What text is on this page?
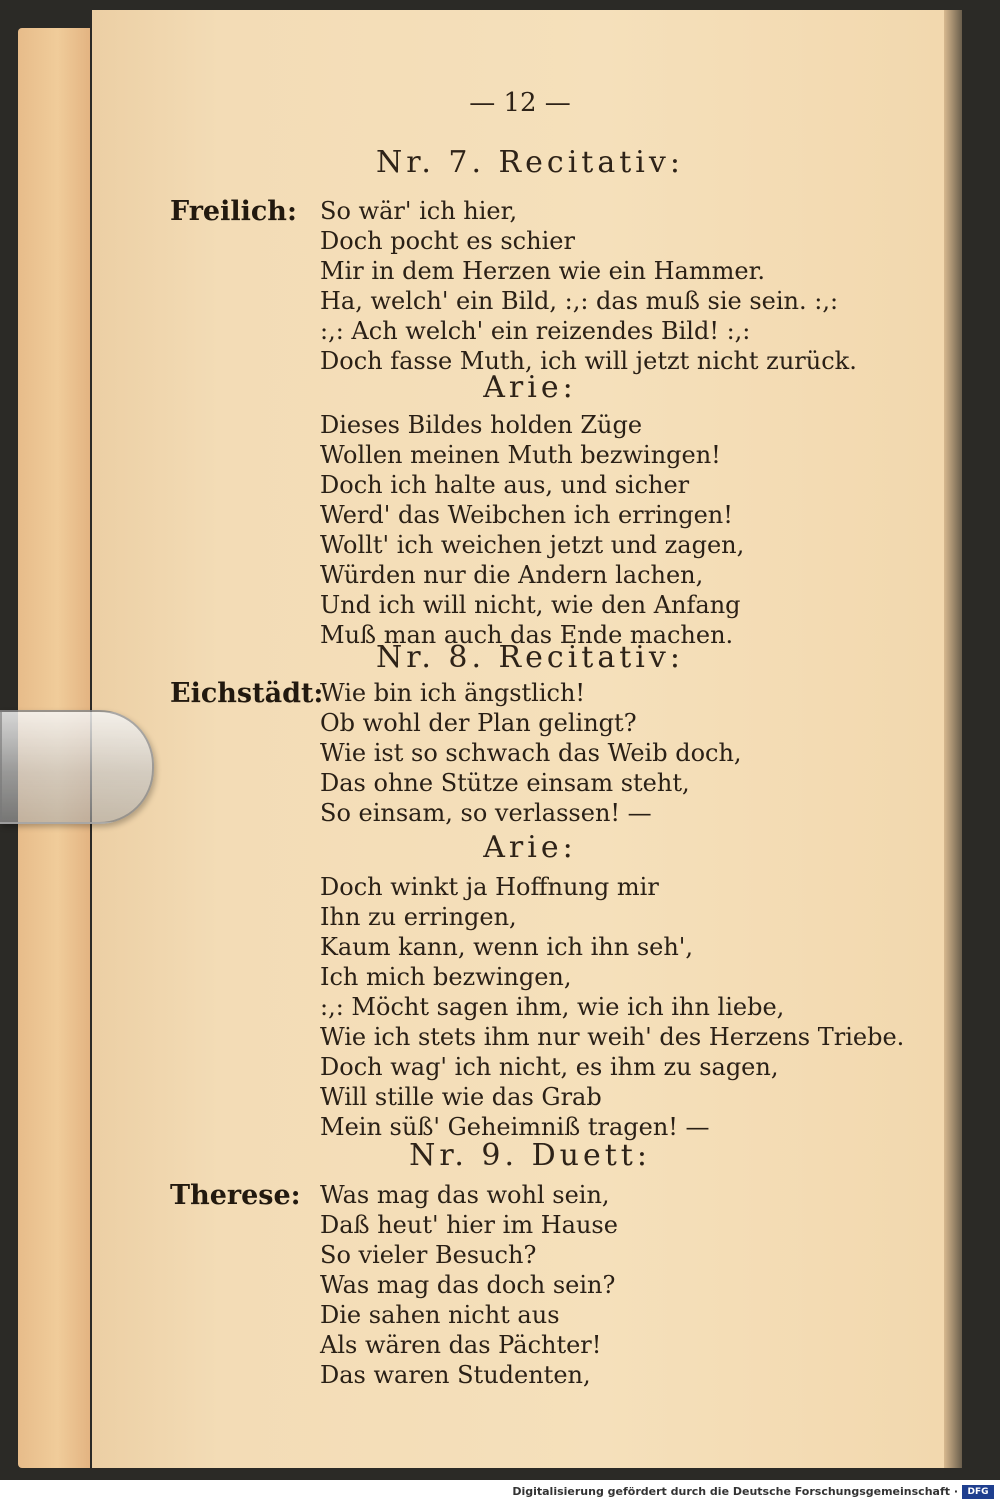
— 12 —
Nr. 7. Recitativ:
Freilich: So wär' ich hier,
Doch pocht es schier
Mir in dem Herzen wie ein Hammer.
Ha, welch' ein Bild, :,: das muß sie sein. :,:
:,: Ach welch' ein reizendes Bild! :,:
Doch fasse Muth, ich will jetzt nicht zurück.
Arie:
Dieses Bildes holden Züge
Wollen meinen Muth bezwingen!
Doch ich halte aus, und sicher
Werd' das Weibchen ich erringen!
Wollt' ich weichen jetzt und zagen,
Würden nur die Andern lachen,
Und ich will nicht, wie den Anfang
Muß man auch das Ende machen.
Nr. 8. Recitativ:
Eichstädt:
Wie bin ich ängstlich!
Ob wohl der Plan gelingt?
Wie ist so schwach das Weib doch,
Das ohne Stütze einsam steht,
So einsam, so verlassen! —
Arie:
Doch winkt ja Hoffnung mir
Ihn zu erringen,
Kaum kann, wenn ich ihn seh',
Ich mich bezwingen,
:,: Möcht sagen ihm, wie ich ihn liebe,
Wie ich stets ihm nur weih' des Herzens Triebe.
Doch wag' ich nicht, es ihm zu sagen,
Will stille wie das Grab
Mein süß' Geheimniß tragen! —
Nr. 9. Duett:
Therese: Was mag das wohl sein,
Daß heut' hier im Hause
So vieler Besuch?
Was mag das doch sein?
Die sahen nicht aus
Als wären das Pächter!
Das waren Studenten,
Digitalisierung gefördert durch die Deutsche Forschungsgemeinschaft ·	DFG
